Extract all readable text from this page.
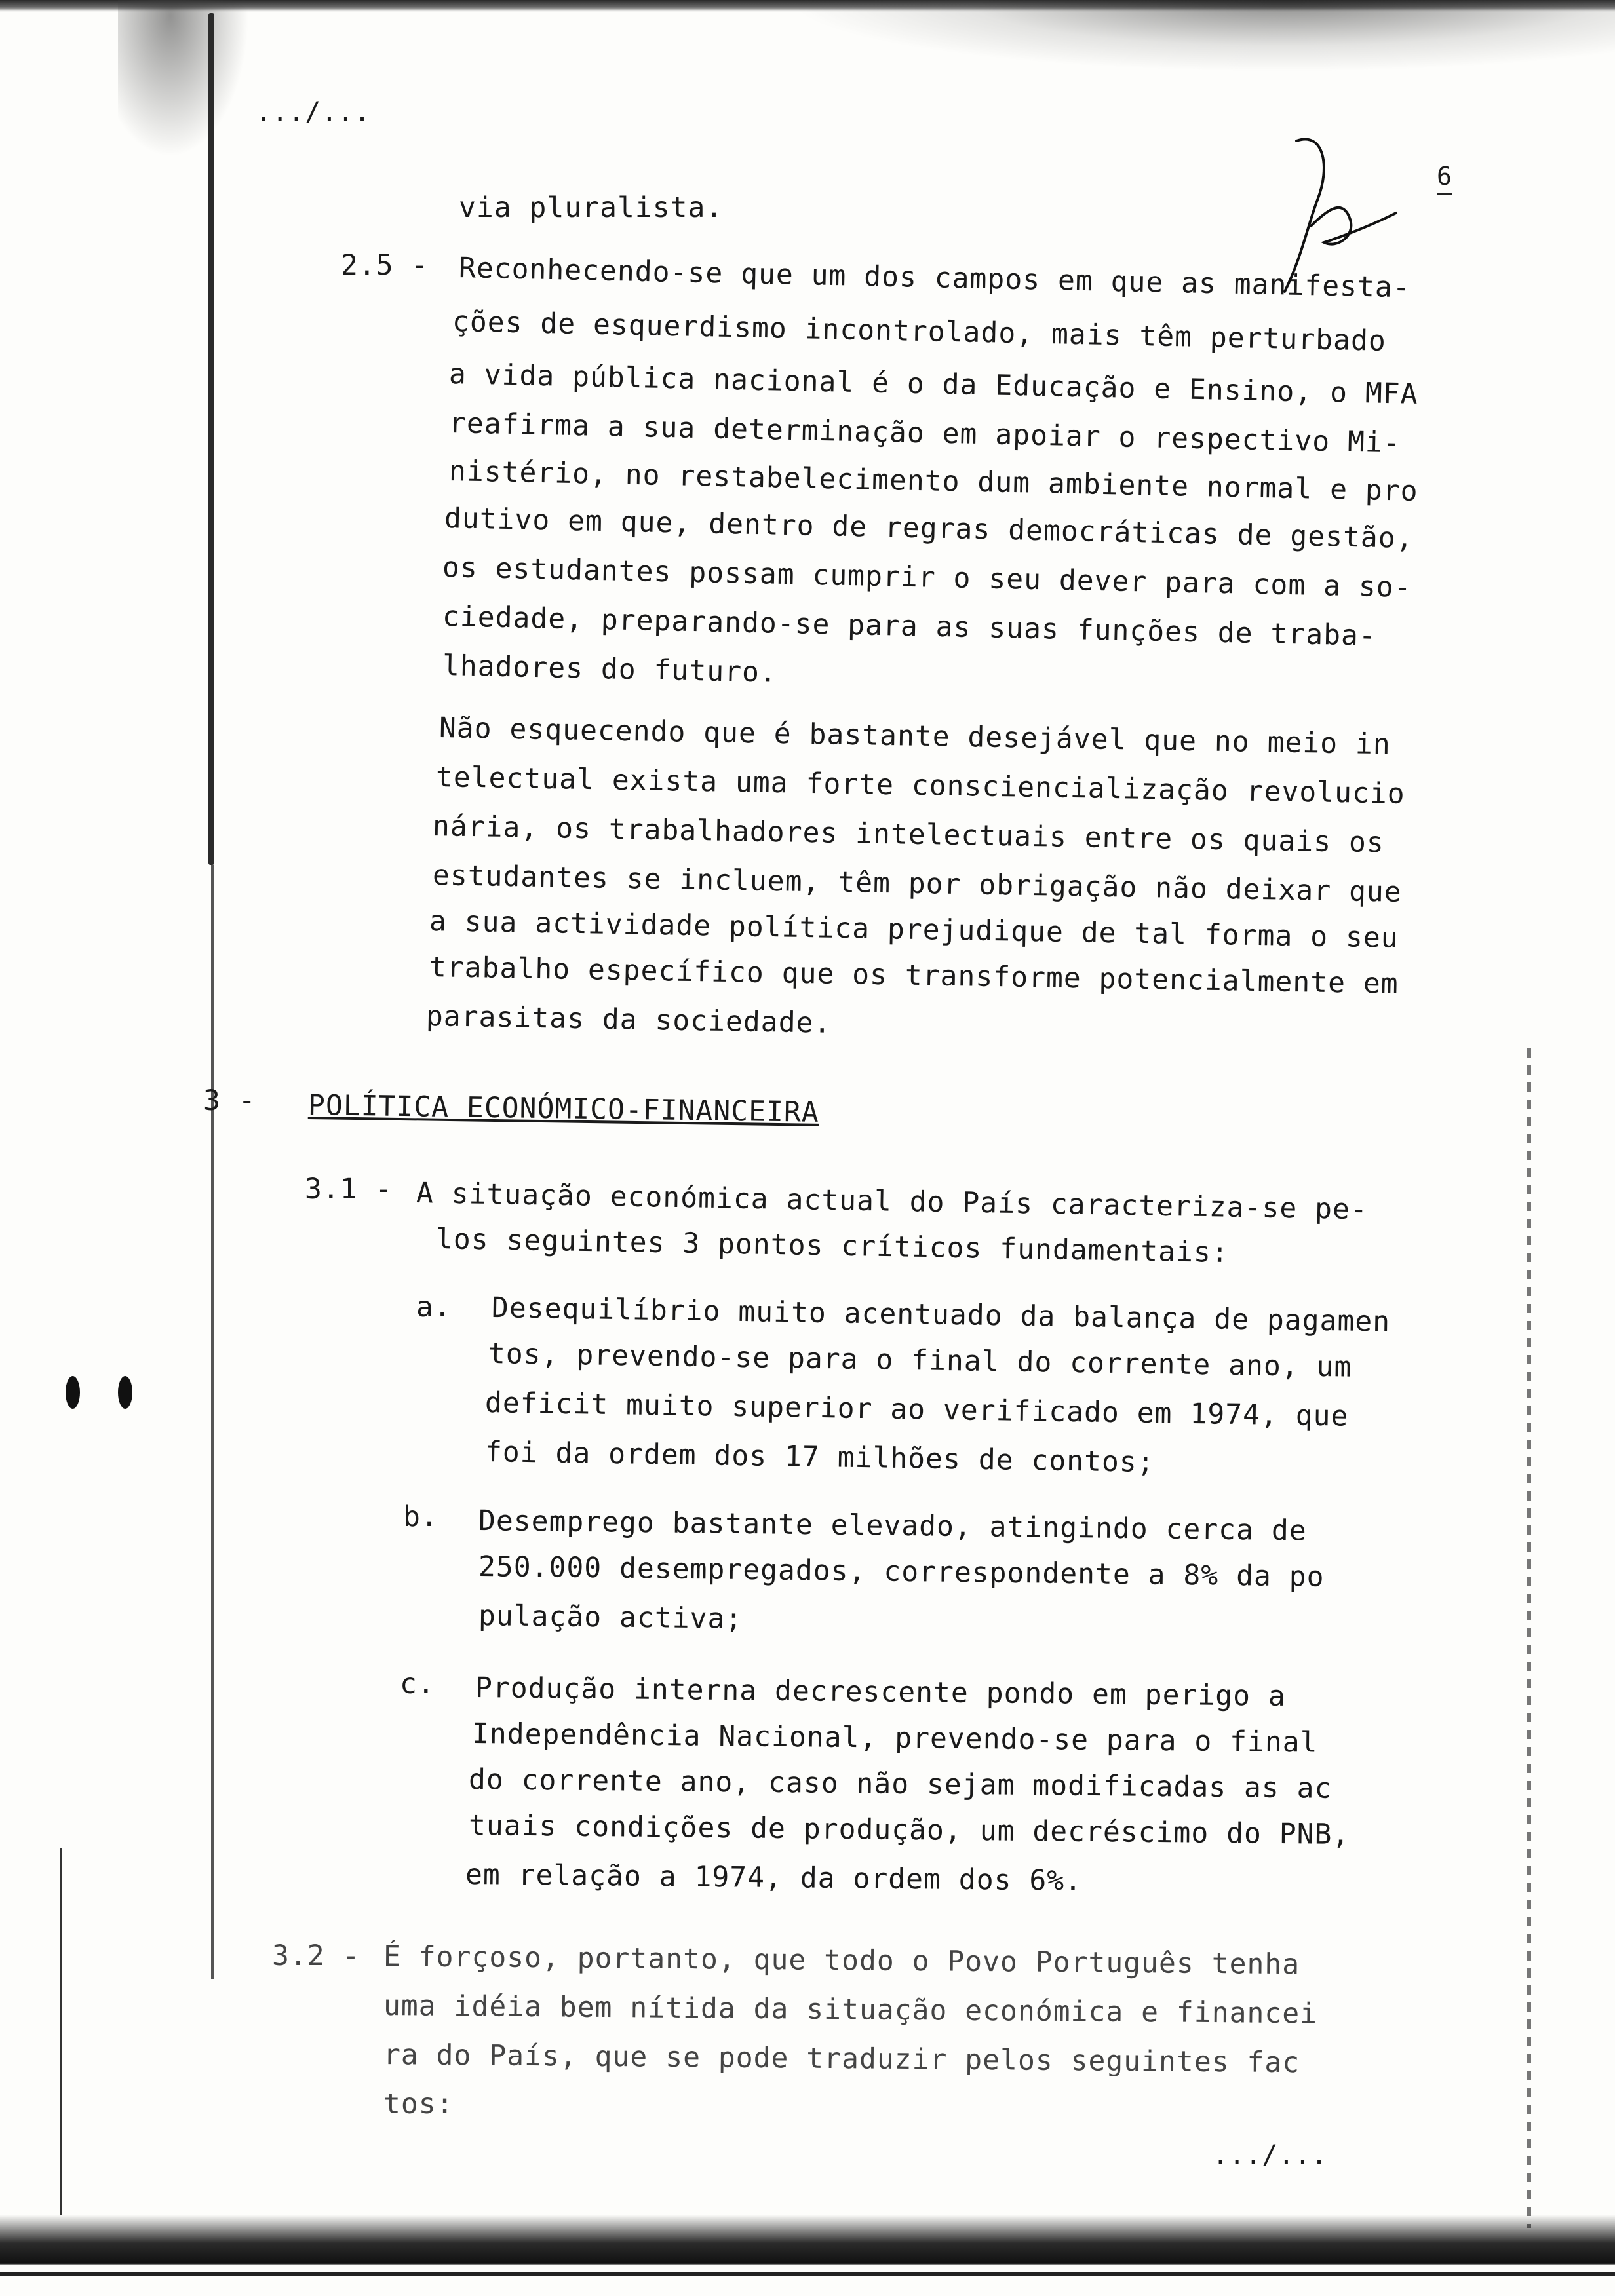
.../...
6
via pluralista.
2.5 - Reconhecendo-se que um dos campos em que as manifesta-
ções de esquerdismo incontrolado, mais têm perturbado
a vida pública nacional é o da Educação e Ensino, o MFA
reafirma a sua determinação em apoiar o respectivo Mi-
nistério, no restabelecimento dum ambiente normal e pro
dutivo em que, dentro de regras democráticas de gestão,
os estudantes possam cumprir o seu dever para com a so-
ciedade, preparando-se para as suas funções de traba-
lhadores do futuro.
Não esquecendo que é bastante desejável que no meio in
telectual exista uma forte consciencialização revolucio
nária, os trabalhadores intelectuais entre os quais os
estudantes se incluem, têm por obrigação não deixar que
a sua actividade política prejudique de tal forma o seu
trabalho específico que os transforme potencialmente em
parasitas da sociedade.
3 - POLÍTICA ECONÓMICO-FINANCEIRA
3.1 - A situação económica actual do País caracteriza-se pe-
los seguintes 3 pontos críticos fundamentais:
a. Desequilíbrio muito acentuado da balança de pagamen
tos, prevendo-se para o final do corrente ano, um
deficit muito superior ao verificado em 1974, que
foi da ordem dos 17 milhões de contos;
b. Desemprego bastante elevado, atingindo cerca de
250.000 desempregados, correspondente a 8% da po
pulação activa;
c. Produção interna decrescente pondo em perigo a
Independência Nacional, prevendo-se para o final
do corrente ano, caso não sejam modificadas as ac
tuais condições de produção, um decréscimo do PNB,
em relação a 1974, da ordem dos 6%.
3.2 - É forçoso, portanto, que todo o Povo Português tenha
uma idéia bem nítida da situação económica e financei
ra do País, que se pode traduzir pelos seguintes fac
tos:
.../...
